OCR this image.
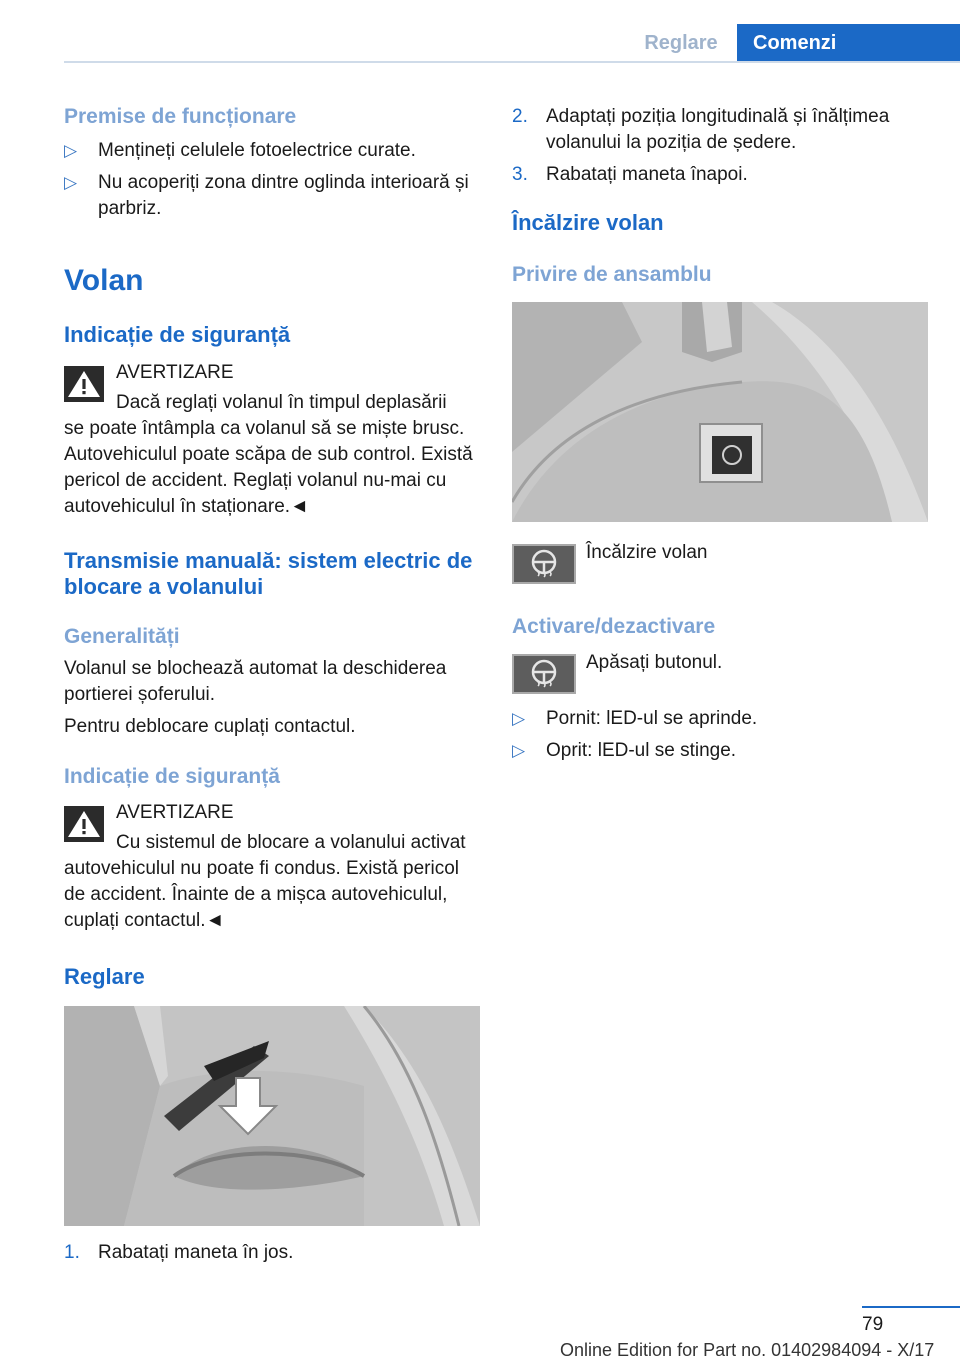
Reglare	Comenzi
Premise de funcționare
▷ Mențineți celulele fotoelectrice curate.
▷ Nu acoperiți zona dintre oglinda interioară și parbriz.
Volan
Indicație de siguranță
AVERTIZARE
Dacă reglați volanul în timpul deplasării
se poate întâmpla ca volanul să se miște brusc. Autovehiculul poate scăpa de sub control. Există pericol de accident. Reglați volanul nu-mai cu autovehiculul în staționare.◄
Transmisie manuală: sistem electric de blocare a volanului
Generalități
Volanul se blochează automat la deschiderea portierei șoferului.
Pentru deblocare cuplați contactul.
Indicație de siguranță
AVERTIZARE
Cu sistemul de blocare a volanului activat
autovehiculul nu poate fi condus. Există pericol de accident. Înainte de a mișca autovehiculul, cuplați contactul.◄
Reglare
1. Rabatați maneta în jos.
2. Adaptați poziția longitudinală și înălțimea volanului la poziția de ședere.
3. Rabatați maneta înapoi.
Încălzire volan
Privire de ansamblu
Încălzire volan
Activare/dezactivare
Apăsați butonul.
▷ Pornit: lED-ul se aprinde.
▷ Oprit: lED-ul se stinge.
79
Online Edition for Part no. 01402984094 - X/17
